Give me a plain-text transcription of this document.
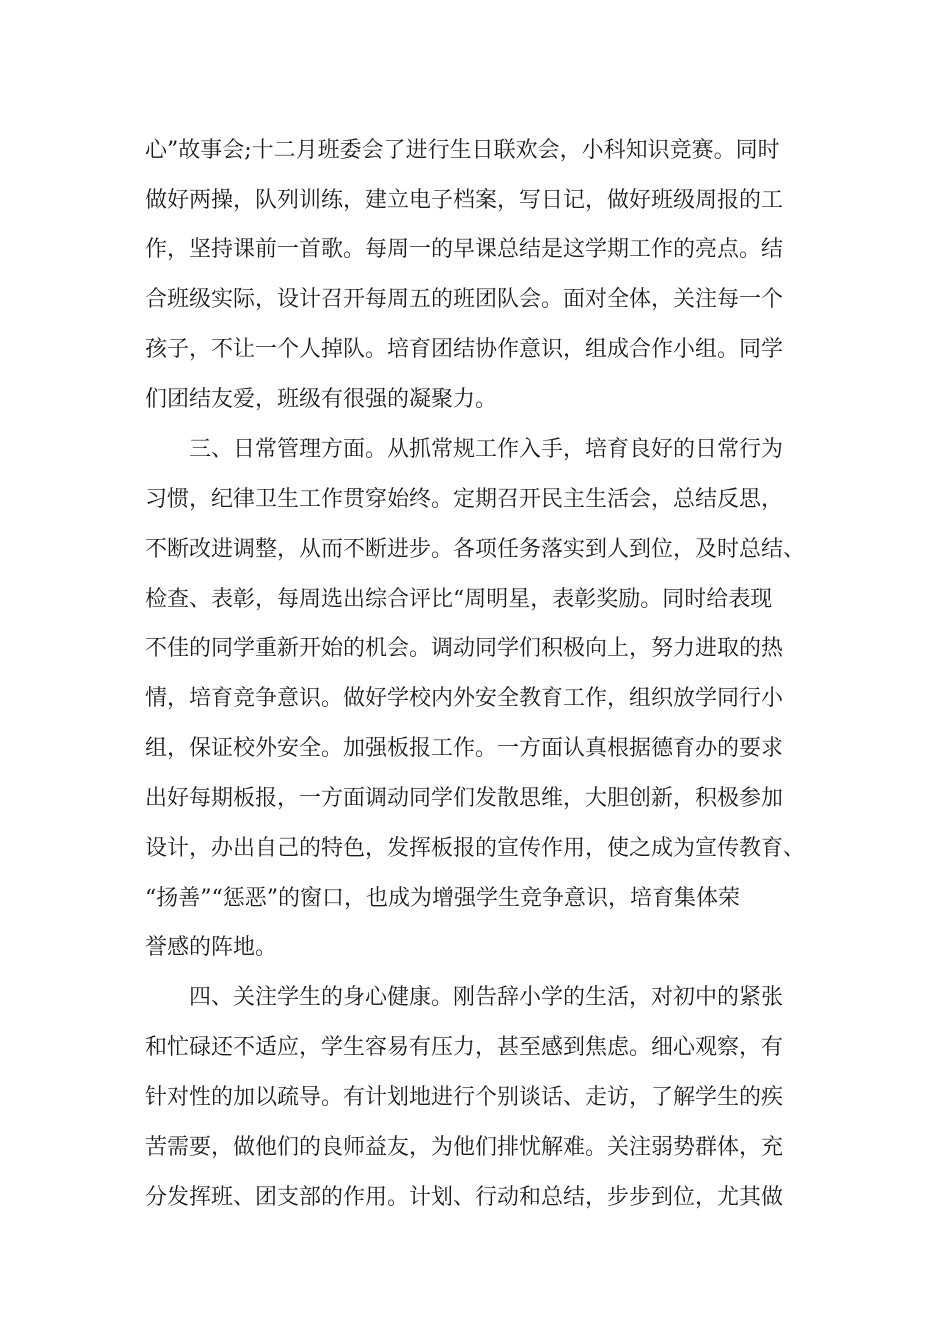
心”故事会;十二月班委会了进行生日联欢会，小科知识竞赛。同时
做好两操，队列训练，建立电子档案，写日记，做好班级周报的工
作，坚持课前一首歌。每周一的早课总结是这学期工作的亮点。结
合班级实际，设计召开每周五的班团队会。面对全体，关注每一个
孩子，不让一个人掉队。培育团结协作意识，组成合作小组。同学
们团结友爱，班级有很强的凝聚力。
三、日常管理方面。从抓常规工作入手，培育良好的日常行为
习惯，纪律卫生工作贯穿始终。定期召开民主生活会，总结反思，
不断改进调整，从而不断进步。各项任务落实到人到位，及时总结、
检查、表彰，每周选出综合评比“周明星，表彰奖励。同时给表现
不佳的同学重新开始的机会。调动同学们积极向上，努力进取的热
情，培育竞争意识。做好学校内外安全教育工作，组织放学同行小
组，保证校外安全。加强板报工作。一方面认真根据德育办的要求
出好每期板报，一方面调动同学们发散思维，大胆创新，积极参加
设计，办出自己的特色，发挥板报的宣传作用，使之成为宣传教育、
“扬善”“惩恶”的窗口，也成为增强学生竞争意识，培育集体荣
誉感的阵地。
四、关注学生的身心健康。刚告辞小学的生活，对初中的紧张
和忙碌还不适应，学生容易有压力，甚至感到焦虑。细心观察，有
针对性的加以疏导。有计划地进行个别谈话、走访，了解学生的疾
苦需要，做他们的良师益友，为他们排忧解难。关注弱势群体，充
分发挥班、团支部的作用。计划、行动和总结，步步到位，尤其做
